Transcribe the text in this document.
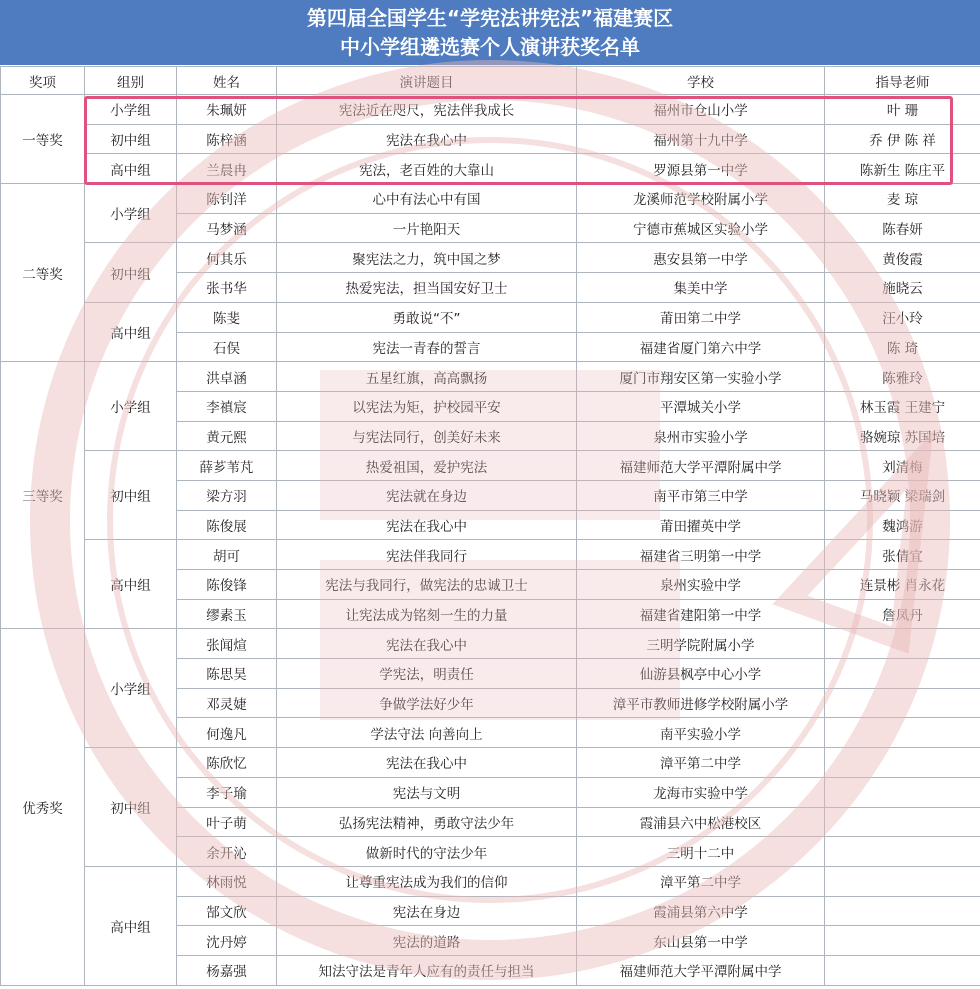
第四届全国学生“学宪法讲宪法”福建赛区
中小学组遴选赛个人演讲获奖名单
奖项	组别	姓名	演讲题目	学校	指导老师
一等奖	小学组	朱珮妍	宪法近在咫尺，宪法伴我成长	福州市仓山小学	叶 珊
	初中组	陈梓涵	宪法在我心中	福州第十九中学	乔 伊 陈 祥
	高中组	兰晨冉	宪法，老百姓的大靠山	罗源县第一中学	陈新生 陈庄平
二等奖	小学组	陈钊洋	心中有法心中有国	龙溪师范学校附属小学	麦 琼
		马梦涵	一片艳阳天	宁德市蕉城区实验小学	陈春妍
	初中组	何其乐	聚宪法之力，筑中国之梦	惠安县第一中学	黄俊霞
		张书华	热爱宪法，担当国安好卫士	集美中学	施晓云
	高中组	陈斐	勇敢说“不”	莆田第二中学	汪小玲
		石俣	宪法一青春的誓言	福建省厦门第六中学	陈 琦
三等奖	小学组	洪卓涵	五星红旗，高高飘扬	厦门市翔安区第一实验小学	陈雅玲
		李禛宸	以宪法为矩，护校园平安	平潭城关小学	林玉霞 王建宁
		黄元熙	与宪法同行，创美好未来	泉州市实验小学	骆婉琼 苏国培
	初中组	薛芗苇芃	热爱祖国，爱护宪法	福建师范大学平潭附属中学	刘清梅
		梁方羽	宪法就在身边	南平市第三中学	马晓颖 梁瑞剑
		陈俊展	宪法在我心中	莆田擢英中学	魏鸿游
	高中组	胡可	宪法伴我同行	福建省三明第一中学	张倩宜
		陈俊锋	宪法与我同行，做宪法的忠诚卫士	泉州实验中学	连景彬 肖永花
		缪素玉	让宪法成为铭刻一生的力量	福建省建阳第一中学	詹凤丹
优秀奖	小学组	张闻煊	宪法在我心中	三明学院附属小学	
		陈思昊	学宪法，明责任	仙游县枫亭中心小学	
		邓灵婕	争做学法好少年	漳平市教师进修学校附属小学	
		何逸凡	学法守法 向善向上	南平实验小学	
	初中组	陈欣忆	宪法在我心中	漳平第二中学	
		李子瑜	宪法与文明	龙海市实验中学	
		叶子萌	弘扬宪法精神，勇敢守法少年	霞浦县六中松港校区	
		余开沁	做新时代的守法少年	三明十二中	
	高中组	林雨悦	让尊重宪法成为我们的信仰	漳平第二中学	
		郜文欣	宪法在身边	霞浦县第六中学	
		沈丹婷	宪法的道路	东山县第一中学	
		杨嘉强	知法守法是青年人应有的责任与担当	福建师范大学平潭附属中学	
